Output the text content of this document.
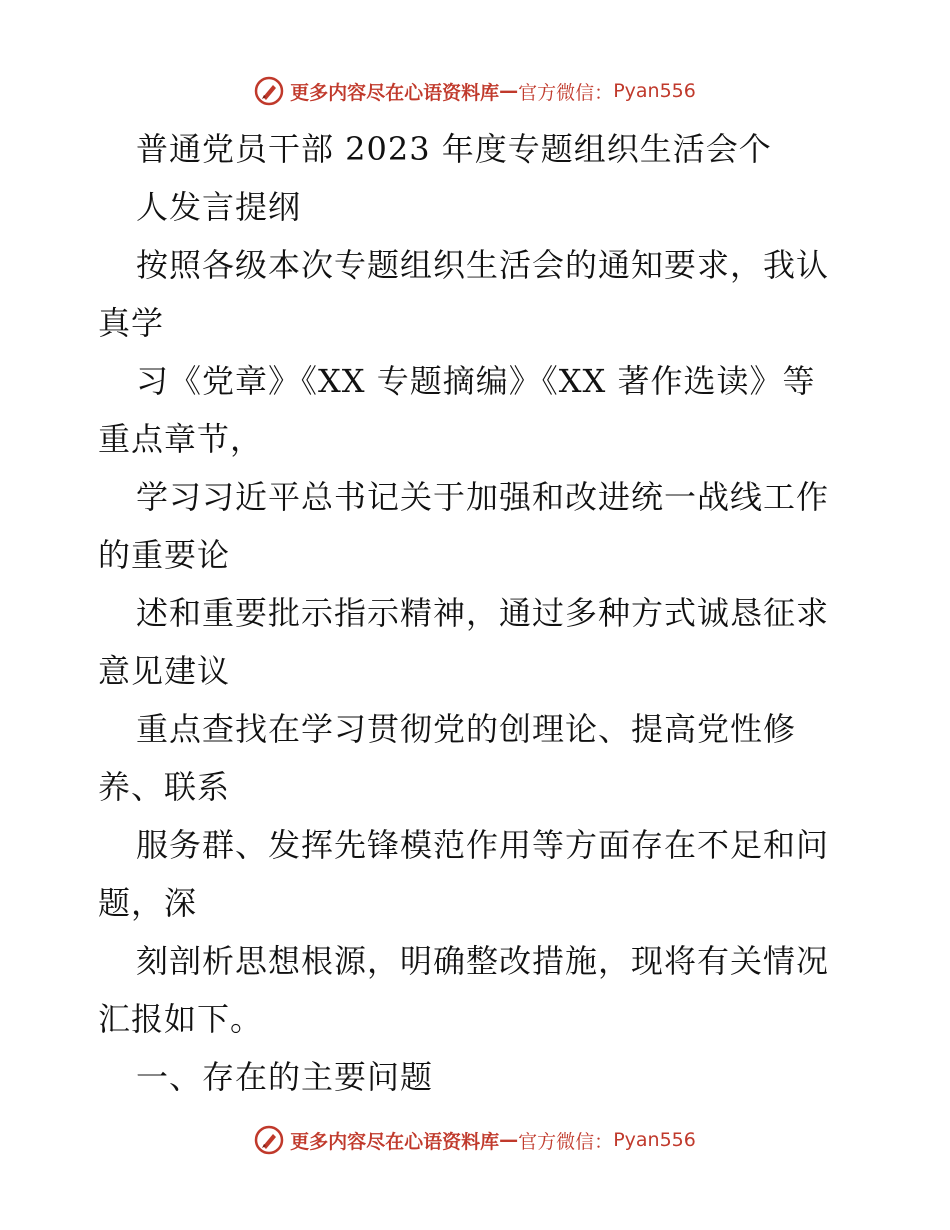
更多内容尽在心语资料库 — 官方微信： Pyan556
普通党员干部 2023 年度专题组织生活会个
人发言提纲
按照各级本次专题组织生活会的通知要求，我认
真学
习《党章》《XX 专题摘编》《XX 著作选读》等
重点章节，
学习习近平总书记关于加强和改进统一战线工作
的重要论
述和重要批示指示精神，通过多种方式诚恳征求
意见建议
重点查找在学习贯彻党的创理论、提高党性修
养、联系
服务群、发挥先锋模范作用等方面存在不足和问
题，深
刻剖析思想根源，明确整改措施，现将有关情况
汇报如下。
一、存在的主要问题
更多内容尽在心语资料库 — 官方微信： Pyan556
